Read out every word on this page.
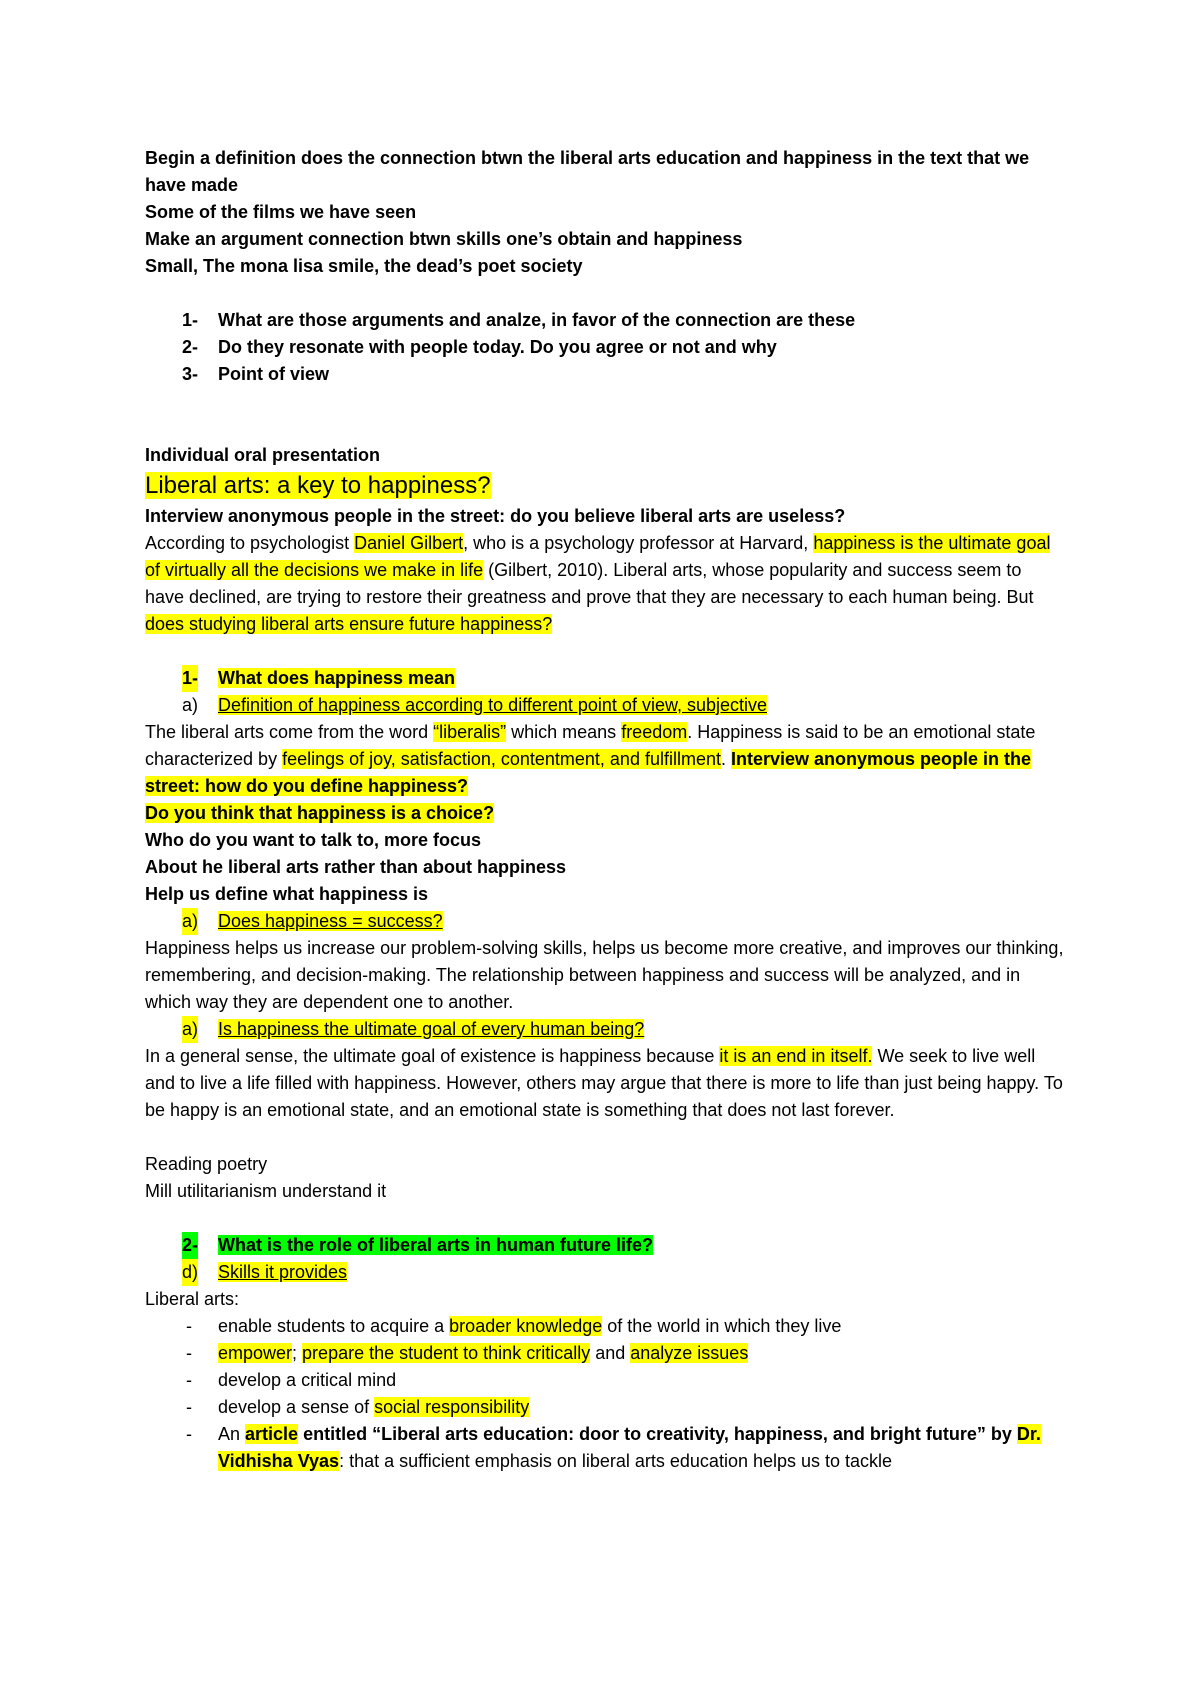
Begin a definition does the connection btwn the liberal arts education and happiness in the text that we have made

Some of the films we have seen

Make an argument connection btwn skills one’s obtain and happiness

Small, The mona lisa smile, the dead’s poet society

1- What are those arguments and analze, in favor of the connection are these
2- Do they resonate with people today. Do you agree or not and why
3- Point of view

Individual oral presentation

Liberal arts: a key to happiness?

Interview anonymous people in the street: do you believe liberal arts are useless?

According to psychologist Daniel Gilbert, who is a psychology professor at Harvard, happiness is the ultimate goal of virtually all the decisions we make in life (Gilbert, 2010). Liberal arts, whose popularity and success seem to have declined, are trying to restore their greatness and prove that they are necessary to each human being. But does studying liberal arts ensure future happiness?

1- What does happiness mean
a) Definition of happiness according to different point of view, subjective

The liberal arts come from the word “liberalis” which means freedom. Happiness is said to be an emotional state characterized by feelings of joy, satisfaction, contentment, and fulfillment. Interview anonymous people in the street: how do you define happiness?

Do you think that happiness is a choice?

Who do you want to talk to, more focus

About he liberal arts rather than about happiness

Help us define what happiness is

a) Does happiness = success?

Happiness helps us increase our problem-solving skills, helps us become more creative, and improves our thinking, remembering, and decision-making. The relationship between happiness and success will be analyzed, and in which way they are dependent one to another.

a) Is happiness the ultimate goal of every human being?

In a general sense, the ultimate goal of existence is happiness because it is an end in itself. We seek to live well and to live a life filled with happiness. However, others may argue that there is more to life than just being happy. To be happy is an emotional state, and an emotional state is something that does not last forever.

Reading poetry

Mill utilitarianism understand it

2- What is the role of liberal arts in human future life?
d) Skills it provides

Liberal arts:

- enable students to acquire a broader knowledge of the world in which they live
- empower; prepare the student to think critically and analyze issues
- develop a critical mind
- develop a sense of social responsibility
- An article entitled “Liberal arts education: door to creativity, happiness, and bright future” by Dr. Vidhisha Vyas: that a sufficient emphasis on liberal arts education helps us to tackle
